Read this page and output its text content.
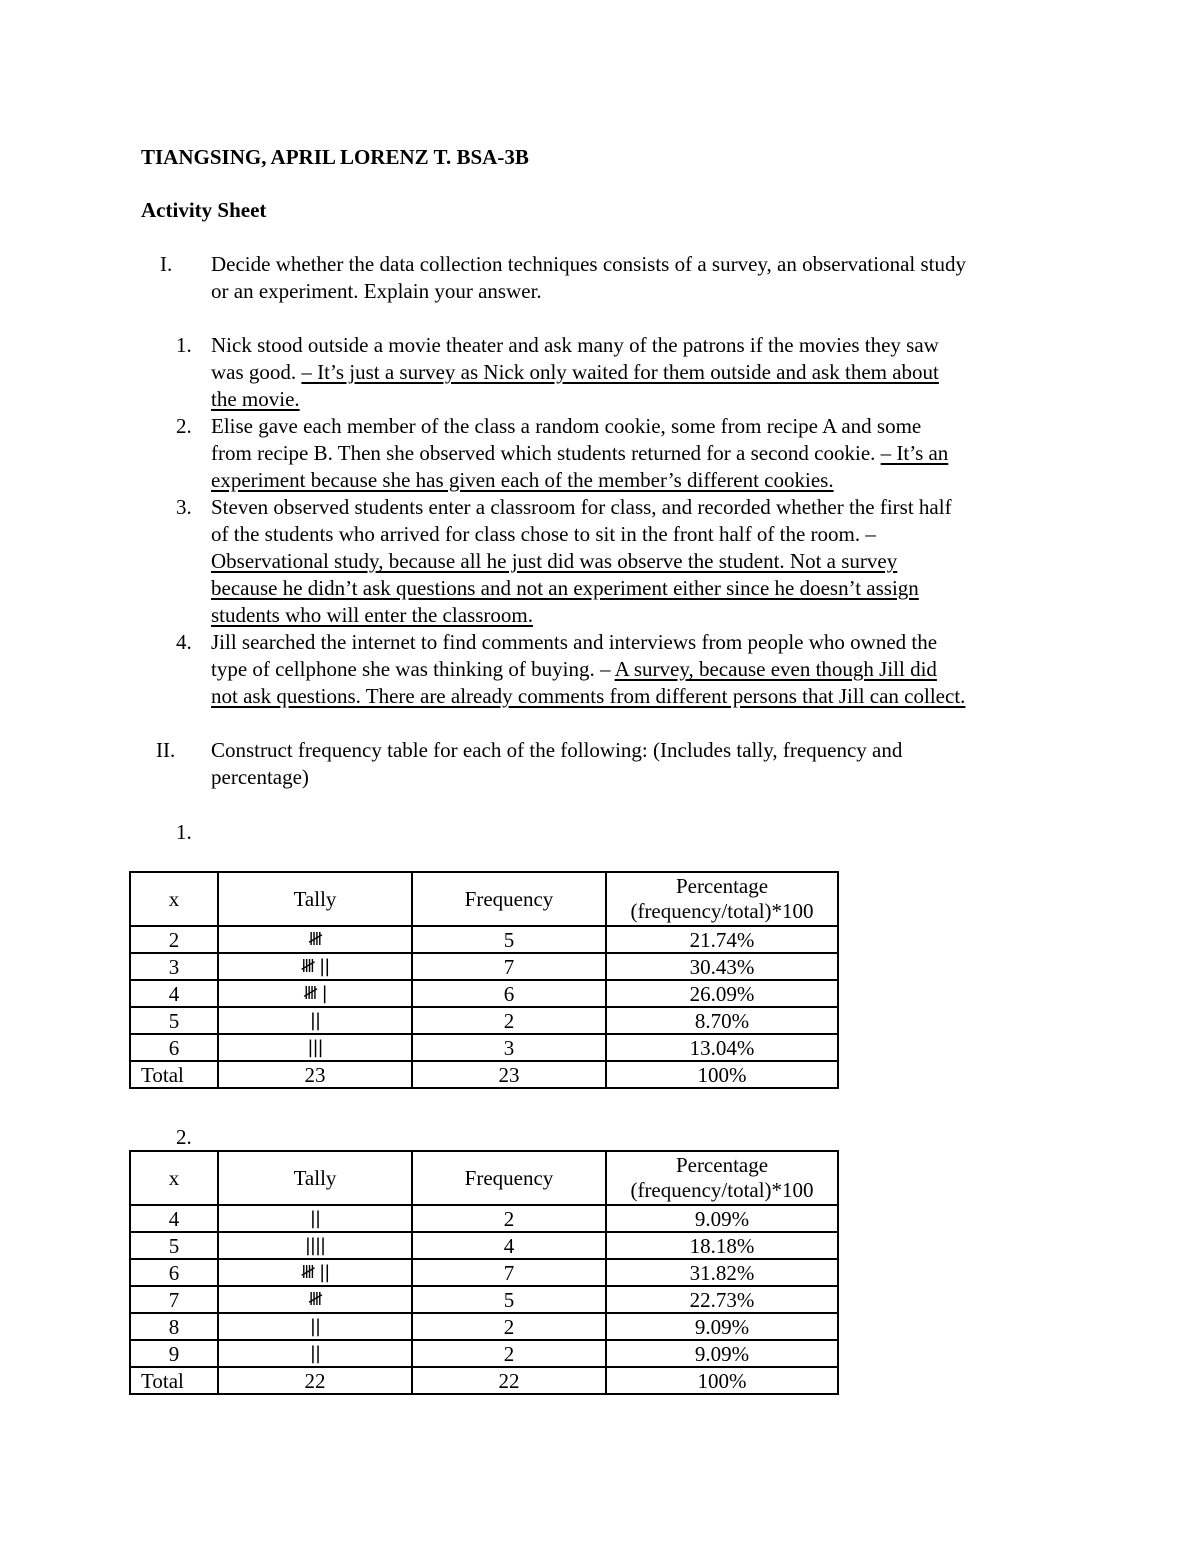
TIANGSING, APRIL LORENZ T. BSA-3B
Activity Sheet
I. Decide whether the data collection techniques consists of a survey, an observational study
or an experiment. Explain your answer.
1. Nick stood outside a movie theater and ask many of the patrons if the movies they saw
was good. – It’s just a survey as Nick only waited for them outside and ask them about
the movie.
2. Elise gave each member of the class a random cookie, some from recipe A and some
from recipe B. Then she observed which students returned for a second cookie. – It’s an
experiment because she has given each of the member’s different cookies.
3. Steven observed students enter a classroom for class, and recorded whether the first half
of the students who arrived for class chose to sit in the front half of the room. –
Observational study, because all he just did was observe the student. Not a survey
because he didn’t ask questions and not an experiment either since he doesn’t assign
students who will enter the classroom.
4. Jill searched the internet to find comments and interviews from people who owned the
type of cellphone she was thinking of buying. – A survey, because even though Jill did
not ask questions. There are already comments from different persons that Jill can collect.
II. Construct frequency table for each of the following: (Includes tally, frequency and
percentage)
1.
x	Tally	Frequency	Percentage
(frequency/total)*100
2	𝍸	5	21.74%
3	𝍸 ||	7	30.43%
4	𝍸 |	6	26.09%
5	||	2	8.70%
6	|||	3	13.04%
Total	23	23	100%
2.
x	Tally	Frequency	Percentage
(frequency/total)*100
4	||	2	9.09%
5	||||	4	18.18%
6	𝍸 ||	7	31.82%
7	𝍸	5	22.73%
8	||	2	9.09%
9	||	2	9.09%
Total	22	22	100%
